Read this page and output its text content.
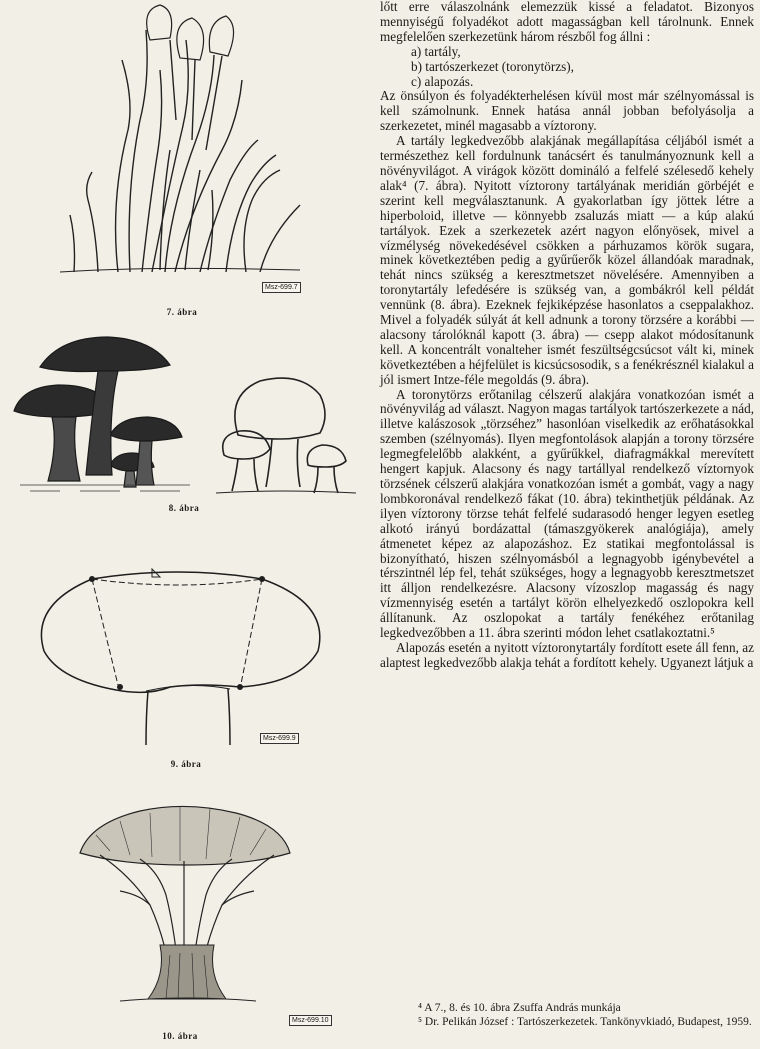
Msz-699.7
7. ábra
8. ábra
Msz-699.9
9. ábra
Msz-699.10
10. ábra

lőtt erre válaszolnánk elemezzük kissé a feladatot. Bizonyos mennyiségű folyadékot adott magasságban kell tárolnunk. Ennek megfelelően szerkezetünk három részből fog állni :

a) tartály,
b) tartószerkezet (toronytörzs),
c) alapozás.

Az önsúlyon és folyadékterhelésen kívül most már szélnyomással is kell számolnunk. Ennek hatása annál jobban befolyásolja a szerkezetet, minél magasabb a víztorony.

A tartály legkedvezőbb alakjának megállapítása céljából ismét a természethez kell fordulnunk tanácsért és tanulmányoznunk kell a növényvilágot. A virágok között domináló a felfelé szélesedő kehely alak⁴ (7. ábra). Nyitott víztorony tartályának meridián görbéjét e szerint kell megválasztanunk. A gyakorlatban így jöttek létre a hiperboloid, illetve — könnyebb zsaluzás miatt — a kúp alakú tartályok. Ezek a szerkezetek azért nagyon előnyösek, mivel a vízmélység növekedésével csökken a párhuzamos körök sugara, minek következtében pedig a gyűrűerők közel állandóak maradnak, tehát nincs szükség a keresztmetszet növelésére. Amennyiben a toronytartály lefedésére is szükség van, a gombákról kell példát vennünk (8. ábra). Ezeknek fejkiképzése hasonlatos a cseppalakhoz. Mivel a folyadék súlyát át kell adnunk a torony törzsére a korábbi — alacsony tárolóknál kapott (3. ábra) — csepp alakot módosítanunk kell. A koncentrált vonalteher ismét feszültségcsúcsot vált ki, minek következtében a héjfelület is kicsúcsosodik, s a fenékrésznél kialakul a jól ismert Intze-féle megoldás (9. ábra).

A toronytörzs erőtanilag célszerű alakjára vonatkozóan ismét a növényvilág ad választ. Nagyon magas tartályok tartószerkezete a nád, illetve kalászosok „törzséhez” hasonlóan viselkedik az erőhatásokkal szemben (szélnyomás). Ilyen megfontolások alapján a torony törzsére legmegfelelőbb alakként, a gyűrűkkel, diafragmákkal merevített hengert kapjuk. Alacsony és nagy tartállyal rendelkező víztornyok törzsének célszerű alakjára vonatkozóan ismét a gombát, vagy a nagy lombkoronával rendelkező fákat (10. ábra) tekinthetjük példának. Az ilyen víztorony törzse tehát felfelé sudarasodó henger legyen esetleg alkotó irányú bordázattal (támaszgyökerek analógiája), amely átmenetet képez az alapozáshoz. Ez statikai megfontolással is bizonyítható, hiszen szélnyomásból a legnagyobb igénybevétel a térszintnél lép fel, tehát szükséges, hogy a legnagyobb keresztmetszet itt álljon rendelkezésre. Alacsony vízoszlop magasság és nagy vízmennyiség esetén a tartályt körön elhelyezkedő oszlopokra kell állítanunk. Az oszlopokat a tartály fenékéhez erőtanilag legkedvezőbben a 11. ábra szerinti módon lehet csatlakoztatni.⁵

Alapozás esetén a nyitott víztoronytartály fordított esete áll fenn, az alaptest legkedvezőbb alakja tehát a fordított kehely. Ugyanezt látjuk a

⁴ A 7., 8. és 10. ábra Zsuffa András munkája
⁵ Dr. Pelikán József : Tartószerkezetek. Tankönyvkiadó, Budapest, 1959.
